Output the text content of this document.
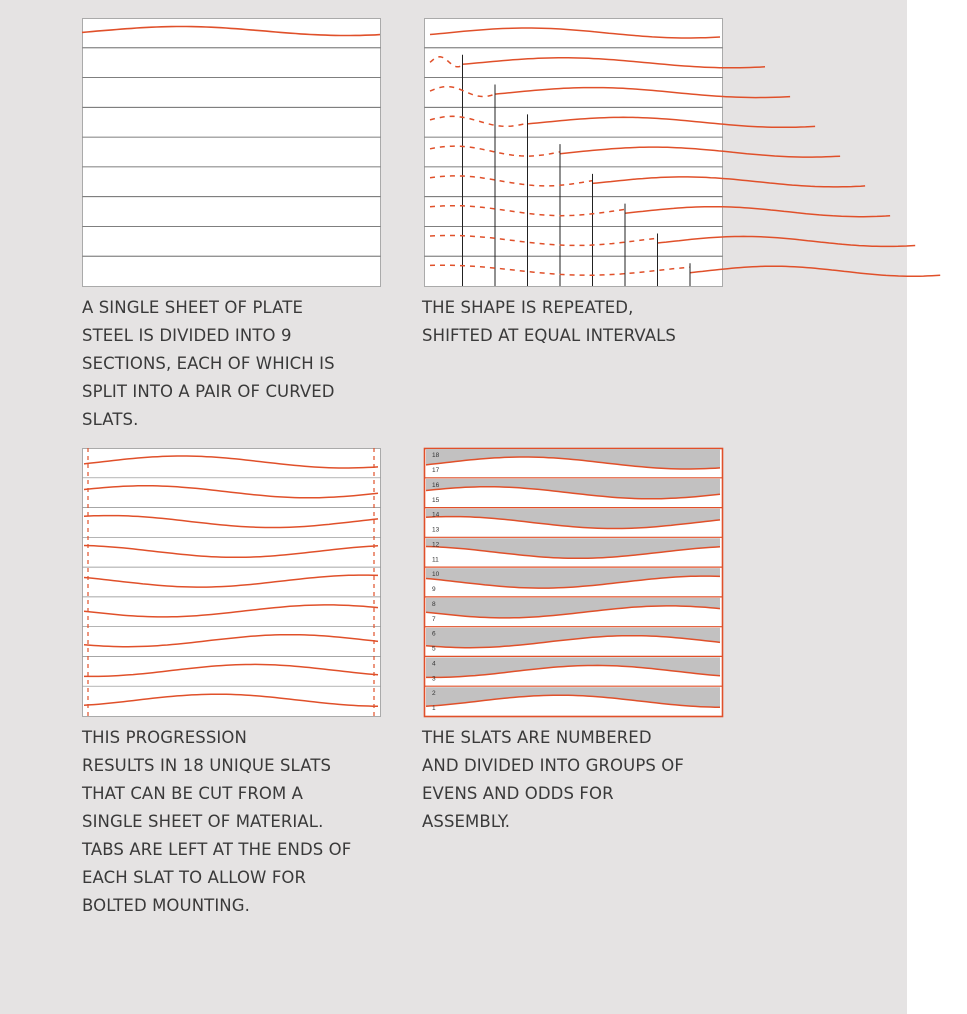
18
17
16
15
14
13
12
11
10
9
8
7
6
5
4
3
2
1
A SINGLE SHEET OF PLATE
STEEL IS DIVIDED INTO 9
SECTIONS, EACH OF WHICH IS
SPLIT INTO A PAIR OF CURVED
SLATS.
THE SHAPE IS REPEATED,
SHIFTED AT EQUAL INTERVALS
THIS PROGRESSION
RESULTS IN 18 UNIQUE SLATS
THAT CAN BE CUT FROM A
SINGLE SHEET OF MATERIAL.
TABS ARE LEFT AT THE ENDS OF
EACH SLAT TO ALLOW FOR
BOLTED MOUNTING.
THE SLATS ARE NUMBERED
AND DIVIDED INTO GROUPS OF
EVENS AND ODDS FOR
ASSEMBLY.
